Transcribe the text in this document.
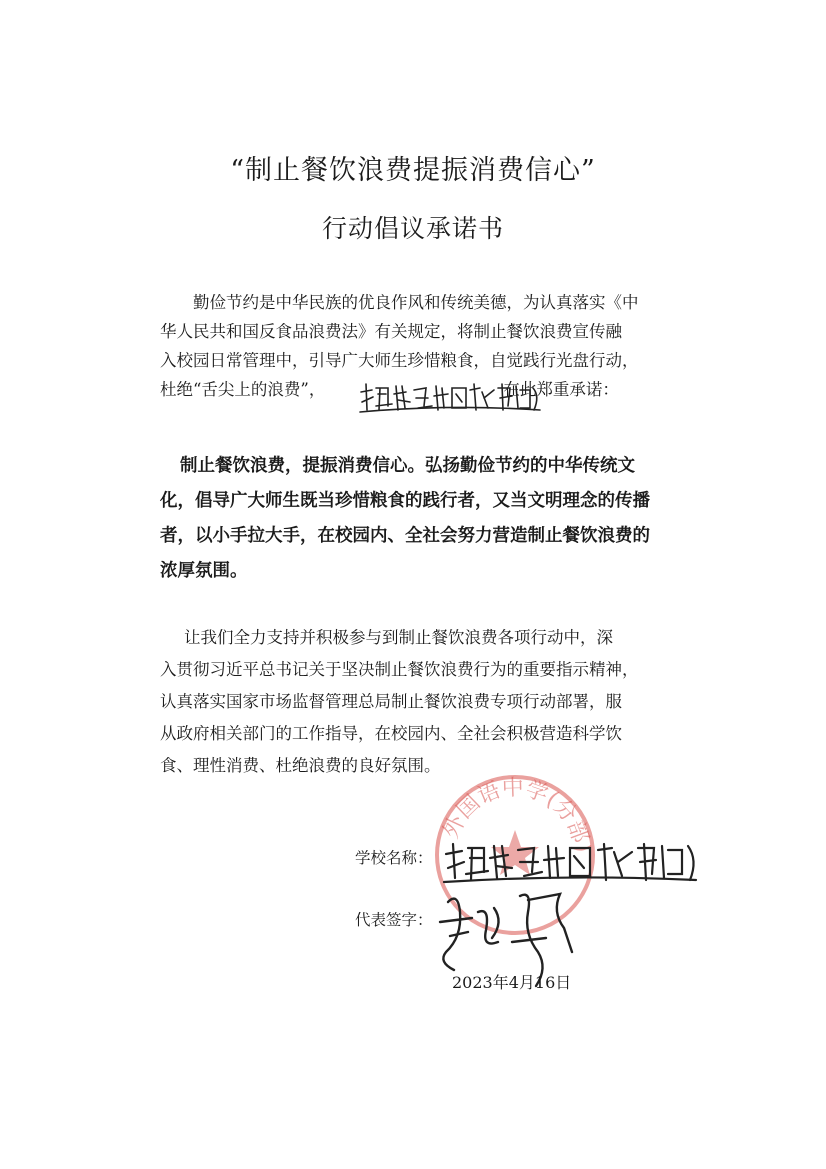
“制止餐饮浪费提振消费信心”
行动倡议承诺书
勤俭节约是中华民族的优良作风和传统美德，为认真落实《中
华人民共和国反食品浪费法》有关规定，将制止餐饮浪费宣传融
入校园日常管理中，引导广大师生珍惜粮食，自觉践行光盘行动，
杜绝“舌尖上的浪费”，	在此郑重承诺：
制止餐饮浪费，提振消费信心。弘扬勤俭节约的中华传统文
化，倡导广大师生既当珍惜粮食的践行者，又当文明理念的传播
者，以小手拉大手，在校园内、全社会努力营造制止餐饮浪费的
浓厚氛围。
让我们全力支持并积极参与到制止餐饮浪费各项行动中，深
入贯彻习近平总书记关于坚决制止餐饮浪费行为的重要指示精神，
认真落实国家市场监督管理总局制止餐饮浪费专项行动部署，服
从政府相关部门的工作指导，在校园内、全社会积极营造科学饮
食、理性消费、杜绝浪费的良好氛围。
外国语中学(分部)
学校名称：
代表签字：
2023年4月16日
